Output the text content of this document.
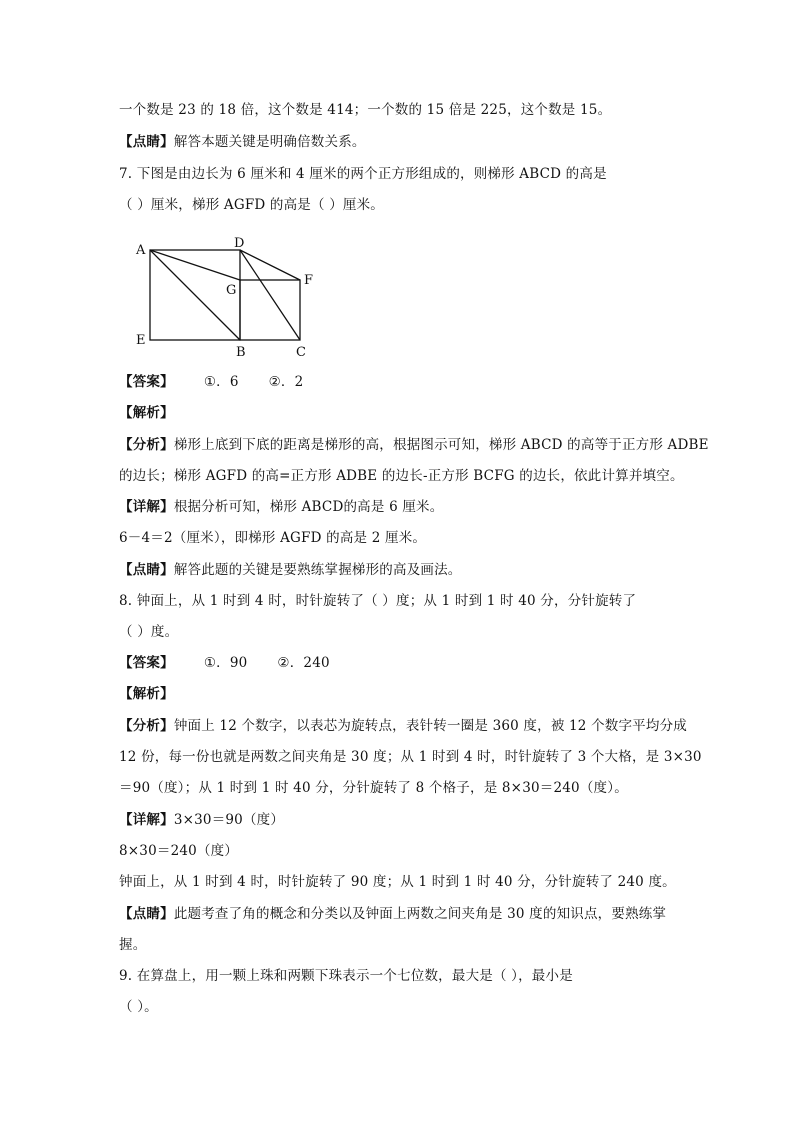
一个数是 23 的 18 倍，这个数是 414；一个数的 15 倍是 225，这个数是 15。
【点睛】解答本题关键是明确倍数关系。
7. 下图是由边长为 6 厘米和 4 厘米的两个正方形组成的，则梯形 ABCD 的高是
（ ）厘米，梯形 AGFD 的高是（ ）厘米。
A	D
G
F
E
B	C
【答案】 ①．6 ②．2
【解析】
【分析】梯形上底到下底的距离是梯形的高，根据图示可知，梯形 ABCD 的高等于正方形 ADBE
的边长；梯形 AGFD 的高=正方形 ADBE 的边长-正方形 BCFG 的边长，依此计算并填空。
【详解】根据分析可知，梯形 ABCD的高是 6 厘米。
6－4＝2（厘米），即梯形 AGFD 的高是 2 厘米。
【点睛】解答此题的关键是要熟练掌握梯形的高及画法。
8. 钟面上，从 1 时到 4 时，时针旋转了（ ）度；从 1 时到 1 时 40 分，分针旋转了
（ ）度。
【答案】 ①．90 ②．240
【解析】
【分析】钟面上 12 个数字，以表芯为旋转点，表针转一圈是 360 度，被 12 个数字平均分成
12 份，每一份也就是两数之间夹角是 30 度；从 1 时到 4 时，时针旋转了 3 个大格，是 3×30
＝90（度）；从 1 时到 1 时 40 分，分针旋转了 8 个格子，是 8×30＝240（度）。
【详解】3×30＝90（度）
8×30＝240（度）
钟面上，从 1 时到 4 时，时针旋转了 90 度；从 1 时到 1 时 40 分，分针旋转了 240 度。
【点睛】此题考查了角的概念和分类以及钟面上两数之间夹角是 30 度的知识点，要熟练掌
握。
9. 在算盘上，用一颗上珠和两颗下珠表示一个七位数，最大是（ ），最小是
（ ）。
